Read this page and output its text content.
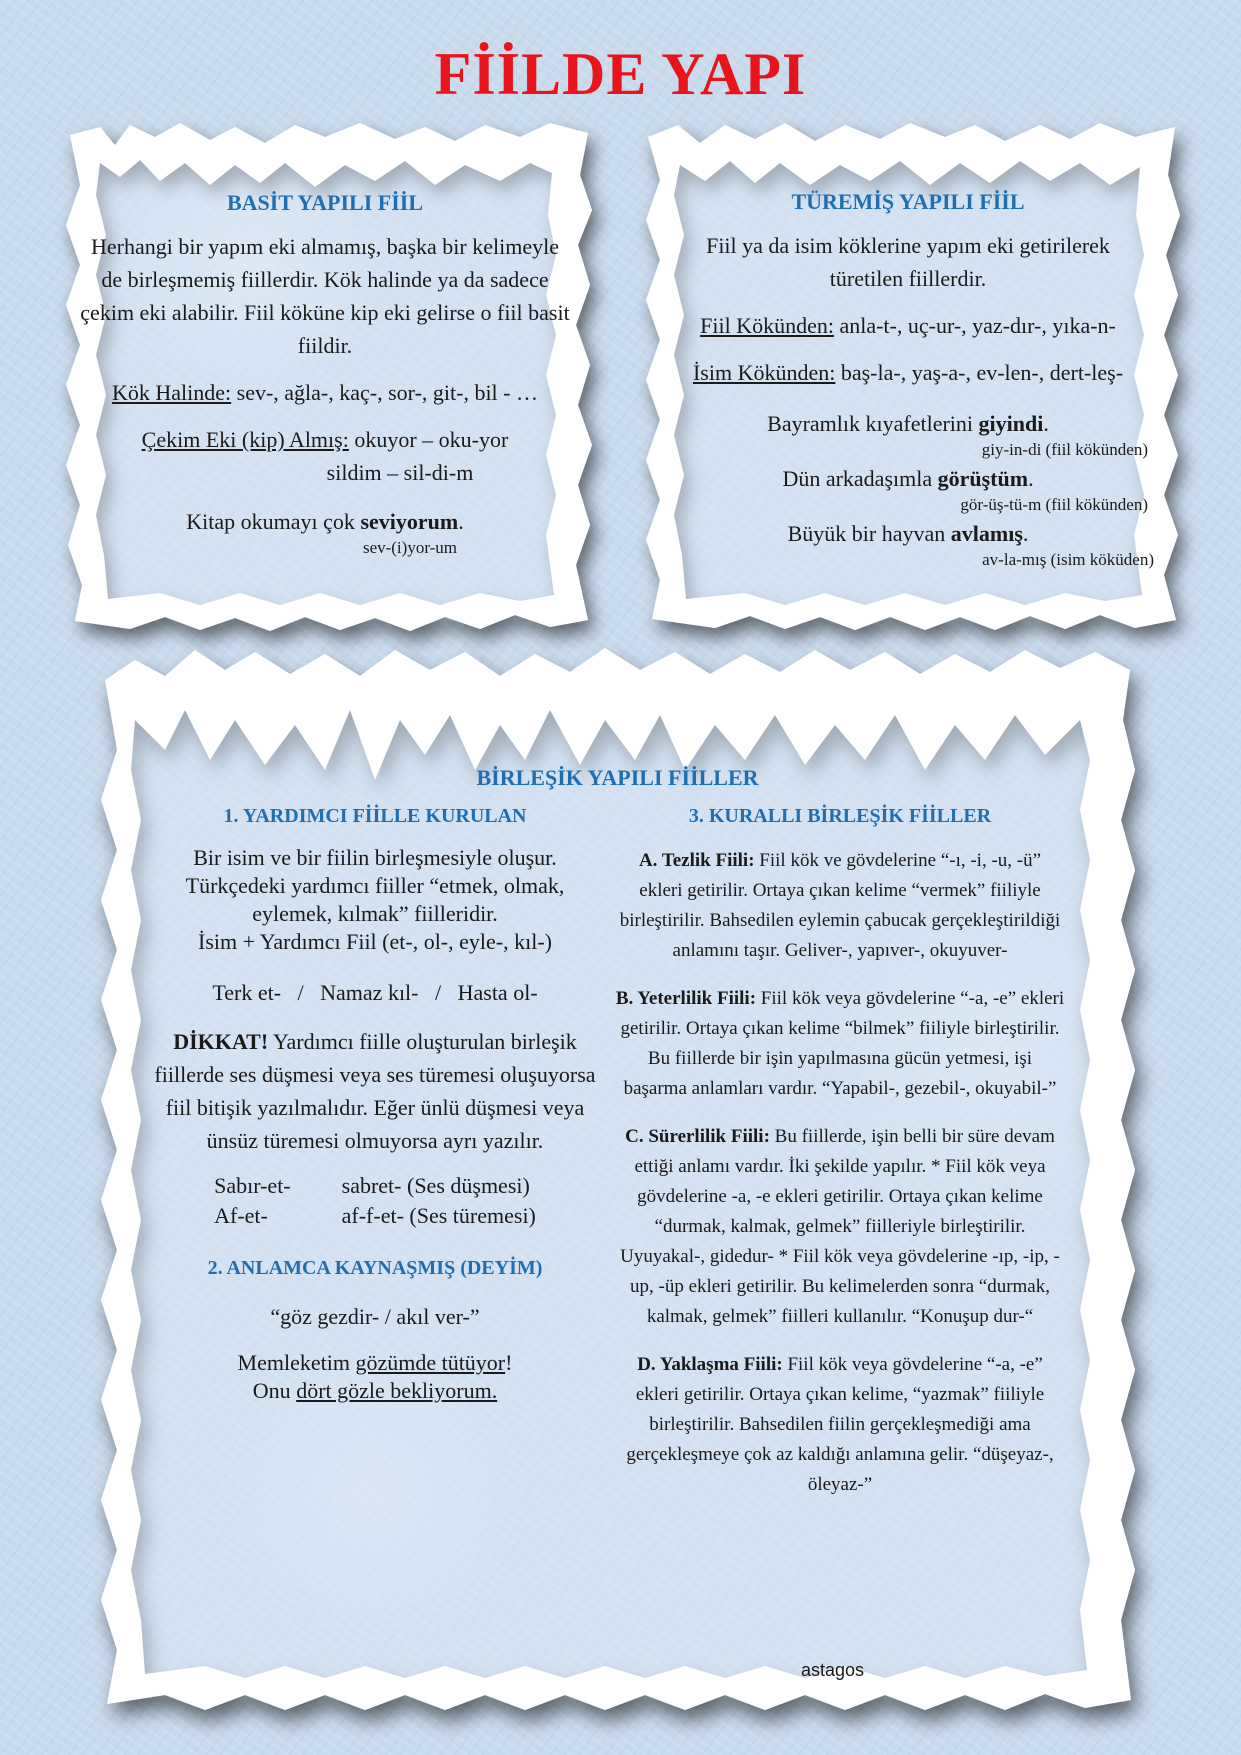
FİİLDE YAPI

BASİT YAPILI FİİL

Herhangi bir yapım eki almamış, başka bir kelimeyle de birleşmemiş fiillerdir. Kök halinde ya da sadece çekim eki alabilir. Fiil köküne kip eki gelirse o fiil basit fiildir.

Kök Halinde: sev-, ağla-, kaç-, sor-, git-, bil - …

Çekim Eki (kip) Almış: okuyor – oku-yor

sildim – sil-di-m

Kitap okumayı çok seviyorum.

sev-(i)yor-um

TÜREMİŞ YAPILI FİİL

Fiil ya da isim köklerine yapım eki getirilerek türetilen fiillerdir.

Fiil Kökünden: anla-t-, uç-ur-, yaz-dır-, yıka-n-

İsim Kökünden: baş-la-, yaş-a-, ev-len-, dert-leş-

Bayramlık kıyafetlerini giyindi.

giy-in-di (fiil kökünden)

Dün arkadaşımla görüştüm.

gör-üş-tü-m (fiil kökünden)

Büyük bir hayvan avlamış.

av-la-mış (isim köküden)

BİRLEŞİK YAPILI FİİLLER

1. YARDIMCI FİİLLE KURULAN

Bir isim ve bir fiilin birleşmesiyle oluşur.

Türkçedeki yardımcı fiiller “etmek, olmak,

eylemek, kılmak” fiilleridir.

İsim + Yardımcı Fiil (et-, ol-, eyle-, kıl-)

Terk et-   /   Namaz kıl-   /   Hasta ol-

DİKKAT! Yardımcı fiille oluşturulan birleşik fiillerde ses düşmesi veya ses türemesi oluşuyorsa fiil bitişik yazılmalıdır. Eğer ünlü düşmesi veya ünsüz türemesi olmuyorsa ayrı yazılır.

Sabır-et-	sabret- (Ses düşmesi)
Af-et-	af-f-et- (Ses türemesi)

2. ANLAMCA KAYNAŞMIŞ (DEYİM)

“göz gezdir- / akıl ver-”

Memleketim gözümde tütüyor!

Onu dört gözle bekliyorum.

3. KURALLI BİRLEŞİK FİİLLER

A. Tezlik Fiili: Fiil kök ve gövdelerine “-ı, -i, -u, -ü” ekleri getirilir. Ortaya çıkan kelime “vermek” fiiliyle birleştirilir. Bahsedilen eylemin çabucak gerçekleştirildiği anlamını taşır. Geliver-, yapıver-, okuyuver-

B. Yeterlilik Fiili: Fiil kök veya gövdelerine “-a, -e” ekleri getirilir. Ortaya çıkan kelime “bilmek” fiiliyle birleştirilir. Bu fiillerde bir işin yapılmasına gücün yetmesi, işi başarma anlamları vardır. “Yapabil-, gezebil-, okuyabil-”

C. Sürerlilik Fiili: Bu fiillerde, işin belli bir süre devam ettiği anlamı vardır. İki şekilde yapılır. * Fiil kök veya gövdelerine -a, -e ekleri getirilir. Ortaya çıkan kelime “durmak, kalmak, gelmek” fiilleriyle birleştirilir. Uyuyakal-, gidedur- * Fiil kök veya gövdelerine -ıp, -ip, -up, -üp ekleri getirilir. Bu kelimelerden sonra “durmak, kalmak, gelmek” fiilleri kullanılır. “Konuşup dur-“

D. Yaklaşma Fiili: Fiil kök veya gövdelerine “-a, -e” ekleri getirilir. Ortaya çıkan kelime, “yazmak” fiiliyle birleştirilir. Bahsedilen fiilin gerçekleşmediği ama gerçekleşmeye çok az kaldığı anlamına gelir. “düşeyaz-, öleyaz-”

astagos
